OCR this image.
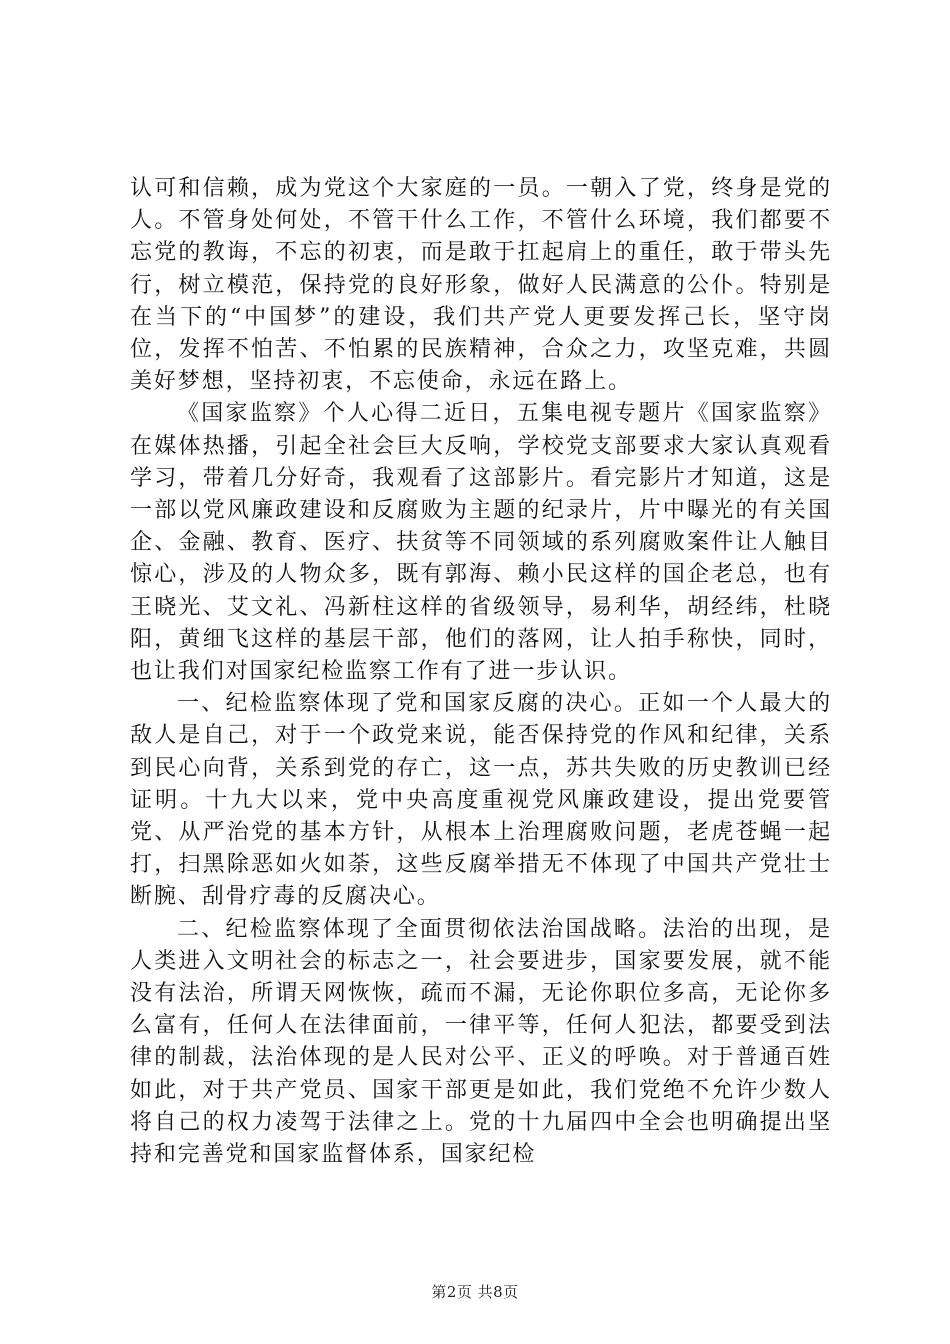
认可和信赖，成为党这个大家庭的一员。一朝入了党，终身是党的人。不管身处何处，不管干什么工作，不管什么环境，我们都要不忘党的教诲，不忘的初衷，而是敢于扛起肩上的重任，敢于带头先行，树立模范，保持党的良好形象，做好人民满意的公仆。特别是在当下的“中国梦”的建设，我们共产党人更要发挥己长，坚守岗位，发挥不怕苦、不怕累的民族精神，合众之力，攻坚克难，共圆美好梦想，坚持初衷，不忘使命，永远在路上。

《国家监察》个人心得二近日，五集电视专题片《国家监察》在媒体热播，引起全社会巨大反响，学校党支部要求大家认真观看学习，带着几分好奇，我观看了这部影片。看完影片才知道，这是一部以党风廉政建设和反腐败为主题的纪录片，片中曝光的有关国企、金融、教育、医疗、扶贫等不同领域的系列腐败案件让人触目惊心，涉及的人物众多，既有郭海、赖小民这样的国企老总，也有王晓光、艾文礼、冯新柱这样的省级领导，易利华，胡经纬，杜晓阳，黄细飞这样的基层干部，他们的落网，让人拍手称快，同时，也让我们对国家纪检监察工作有了进一步认识。

一、纪检监察体现了党和国家反腐的决心。正如一个人最大的敌人是自己，对于一个政党来说，能否保持党的作风和纪律，关系到民心向背，关系到党的存亡，这一点，苏共失败的历史教训已经证明。十九大以来，党中央高度重视党风廉政建设，提出党要管党、从严治党的基本方针，从根本上治理腐败问题，老虎苍蝇一起打，扫黑除恶如火如荼，这些反腐举措无不体现了中国共产党壮士断腕、刮骨疗毒的反腐决心。

二、纪检监察体现了全面贯彻依法治国战略。法治的出现，是人类进入文明社会的标志之一，社会要进步，国家要发展，就不能没有法治，所谓天网恢恢，疏而不漏，无论你职位多高，无论你多么富有，任何人在法律面前，一律平等，任何人犯法，都要受到法律的制裁，法治体现的是人民对公平、正义的呼唤。对于普通百姓如此，对于共产党员、国家干部更是如此，我们党绝不允许少数人将自己的权力凌驾于法律之上。党的十九届四中全会也明确提出坚持和完善党和国家监督体系，国家纪检

第2页 共8页
